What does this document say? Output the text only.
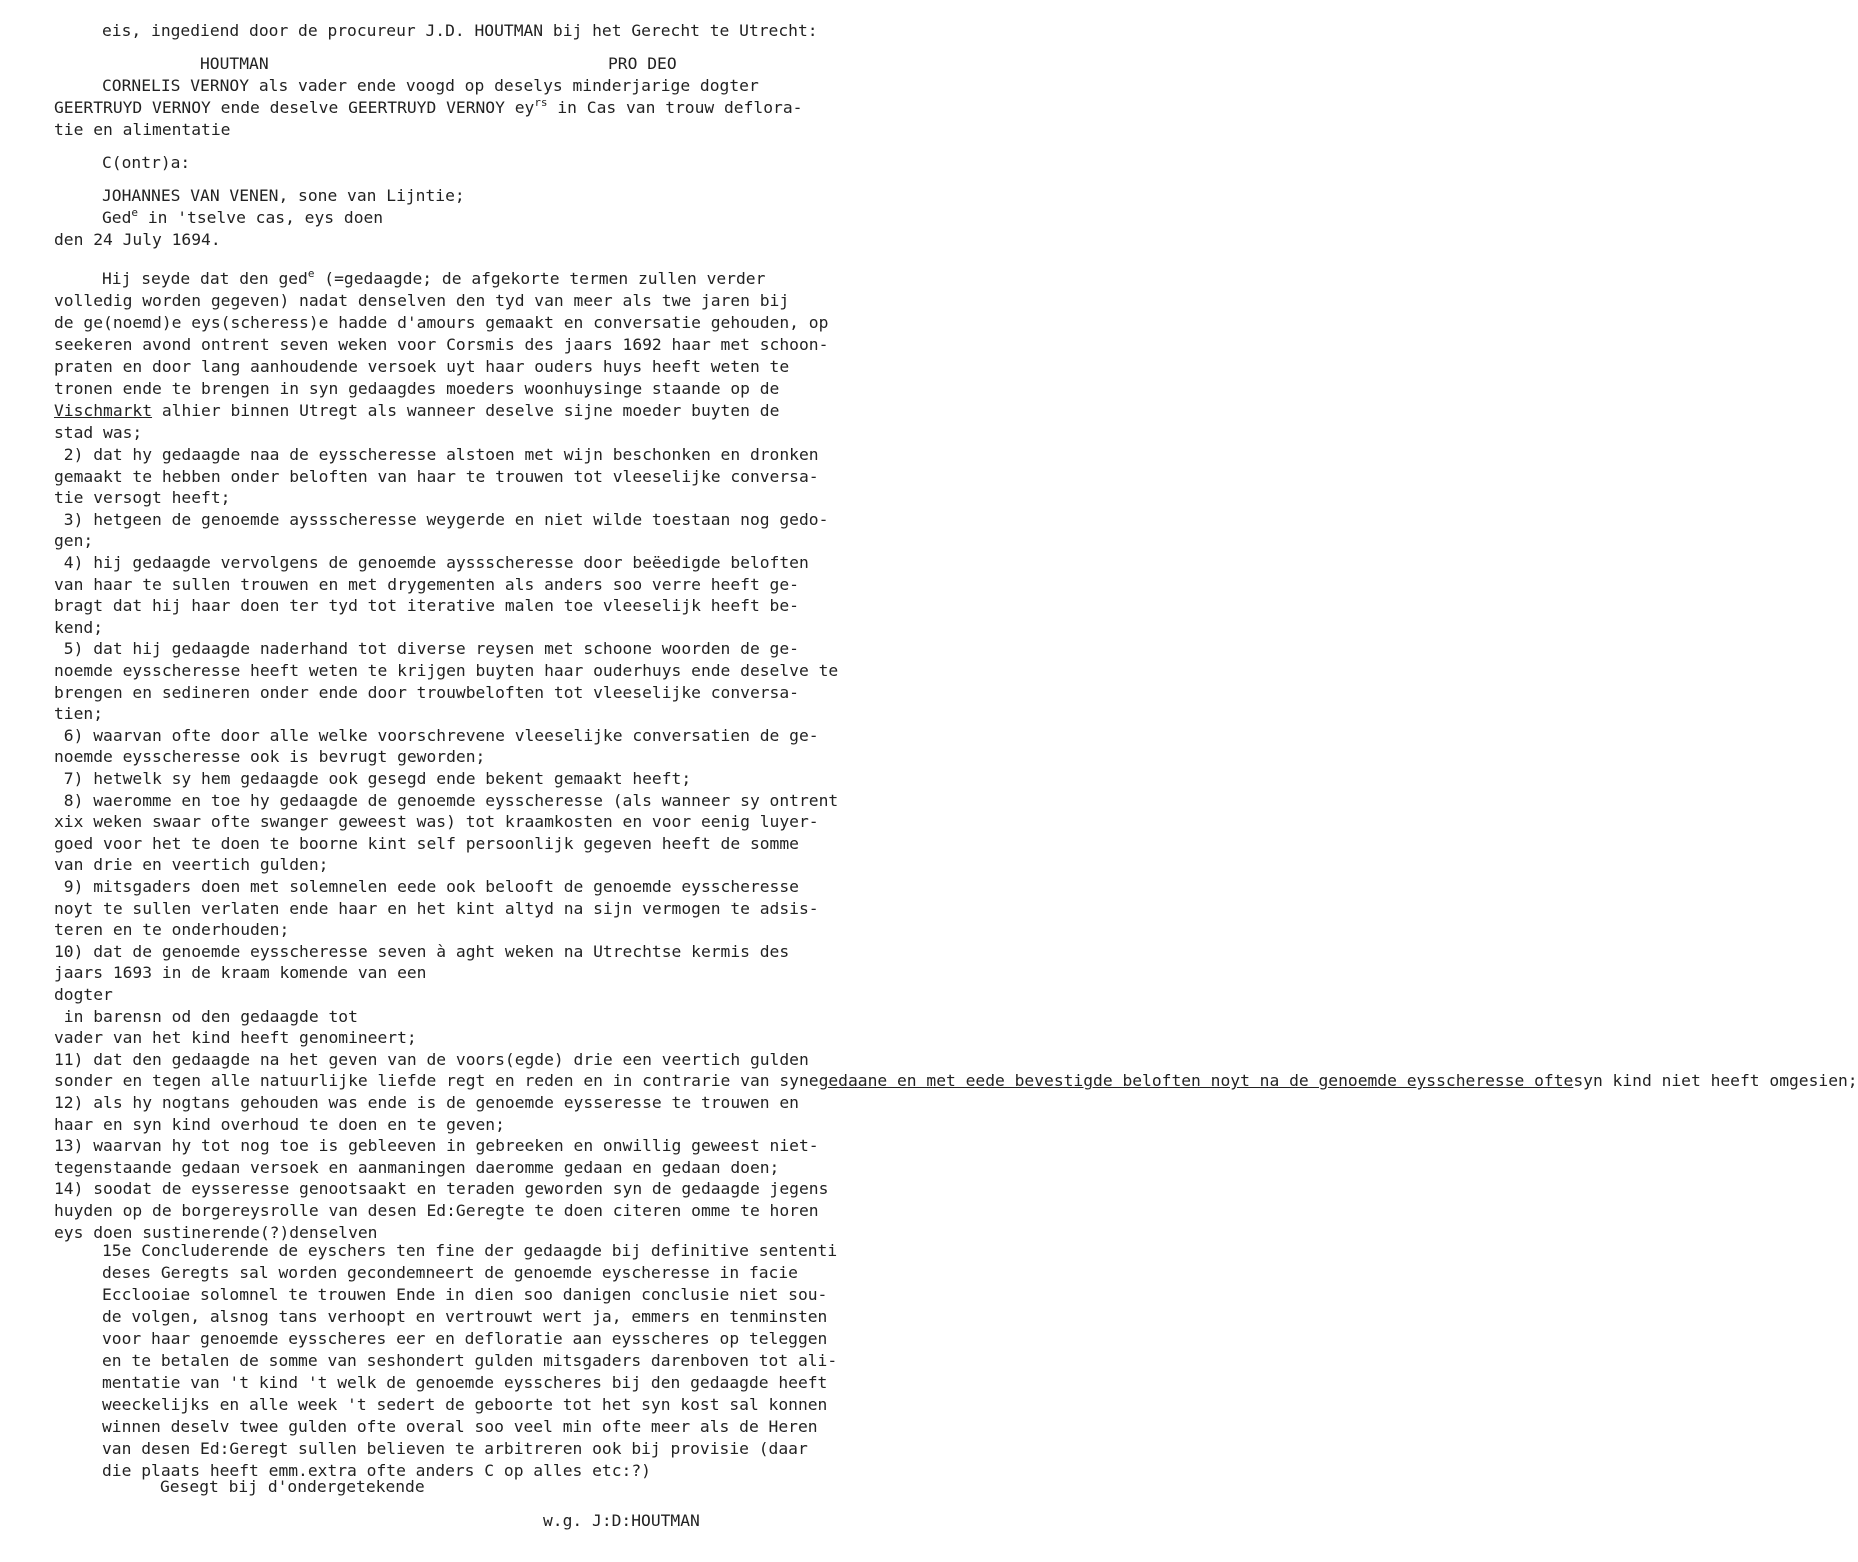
eis, ingediend door de procureur J.D. HOUTMAN bij het Gerecht te Utrecht:
HOUTMAN	PRO DEO
CORNELIS VERNOY als vader ende voogd op deselys minderjarige dogter
GEERTRUYD VERNOY ende deselve GEERTRUYD VERNOY $ey^{rs}$ in Cas van trouw deflora-
tie en alimentatie
C(ontr)a:
JOHANNES VAN VENEN, sone van Lijntie;
Ged$^e$ in 'tselve cas, eys doen
den 24 July 1694.
Hij seyde dat den ged$^e$ (=gedaagde; de afgekorte termen zullen verder
volledig worden gegeven) nadat denselven den tyd van meer als twe jaren bij
de ge(noemd)e eys(scheress)e hadde d'amours gemaakt en conversatie gehouden, op
seekeren avond ontrent seven weken voor Corsmis des jaars 1692 haar met schoon-
praten en door lang aanhoudende versoek uyt haar ouders huys heeft weten te
tronen ende te brengen in syn gedaagdes moeders woonhuysinge staande op de
Vischmarkt alhier binnen Utregt als wanneer deselve sijne moeder buyten de
stad was;
2) dat hy gedaagde naa de eysscheresse alstoen met wijn beschonken en dronken
gemaakt te hebben onder beloften van haar te trouwen tot vleeselijke conversa-
tie versogt heeft;
3) hetgeen de genoemde ayssscheresse weygerde en niet wilde toestaan nog gedo-
gen;
4) hij gedaagde vervolgens de genoemde ayssscheresse door beëedigde beloften
van haar te sullen trouwen en met drygementen als anders soo verre heeft ge-
bragt dat hij haar doen ter tyd tot iterative malen toe vleeselijk heeft be-
kend;
5) dat hij gedaagde naderhand tot diverse reysen met schoone woorden de ge-
noemde eysscheresse heeft weten te krijgen buyten haar ouderhuys ende deselve te
brengen en sedineren onder ende door trouwbeloften tot vleeselijke conversa-
tien;
6) waarvan ofte door alle welke voorschrevene vleeselijke conversatien de ge-
noemde eysscheresse ook is bevrugt geworden;
7) hetwelk sy hem gedaagde ook gesegd ende bekent gemaakt heeft;
8) waeromme en toe hy gedaagde de genoemde eysscheresse (als wanneer sy ontrent
xix weken swaar ofte swanger geweest was) tot kraamkosten en voor eenig luyer-
goed voor het te doen te boorne kint self persoonlijk gegeven heeft de somme
van drie en veertich gulden;
9) mitsgaders doen met solemnelen eede ook belooft de genoemde eysscheresse
noyt te sullen verlaten ende haar en het kint altyd na sijn vermogen te adsis-
teren en te onderhouden;
10) dat de genoemde eysscheresse seven à aght weken na Utrechtse kermis des
jaars 1693 in de kraam komende van een
dogter
in barensn od den gedaagde tot
vader van het kind heeft genomineert;
11) dat den gedaagde na het geven van de voors(egde) drie een veertich gulden
sonder en tegen alle natuurlijke liefde regt en reden en in contrarie van synegedaane en met eede bevestigde beloften noyt na de genoemde eysscheresse oftesyn kind niet heeft omgesien;
12) als hy nogtans gehouden was ende is de genoemde eysseresse te trouwen en
haar en syn kind overhoud te doen en te geven;
13) waarvan hy tot nog toe is gebleeven in gebreeken en onwillig geweest niet-
tegenstaande gedaan versoek en aanmaningen daeromme gedaan en gedaan doen;
14) soodat de eysseresse genootsaakt en teraden geworden syn de gedaagde jegens
huyden op de borgereysrolle van desen Ed:Geregte te doen citeren omme te horen
eys doen sustinerende(?)denselven
15e Concluderende de eyschers ten fine der gedaagde bij definitive sententi
deses Geregts sal worden gecondemneert de genoemde eyscheresse in facie
Ecclooiae solomnel te trouwen Ende in dien soo danigen conclusie niet sou-
de volgen, alsnog tans verhoopt en vertrouwt wert ja, emmers en tenminsten
voor haar genoemde eysscheres eer en defloratie aan eysscheres op teleggen
en te betalen de somme van seshondert gulden mitsgaders darenboven tot ali-
mentatie van 't kind 't welk de genoemde eysscheres bij den gedaagde heeft
weeckelijks en alle week 't sedert de geboorte tot het syn kost sal konnen
winnen deselv twee gulden ofte overal soo veel min ofte meer als de Heren
van desen Ed:Geregt sullen believen te arbitreren ook bij provisie (daar
die plaats heeft emm.extra ofte anders C op alles etc:?)
Gesegt bij d'ondergetekende
w.g. J:D:HOUTMAN
